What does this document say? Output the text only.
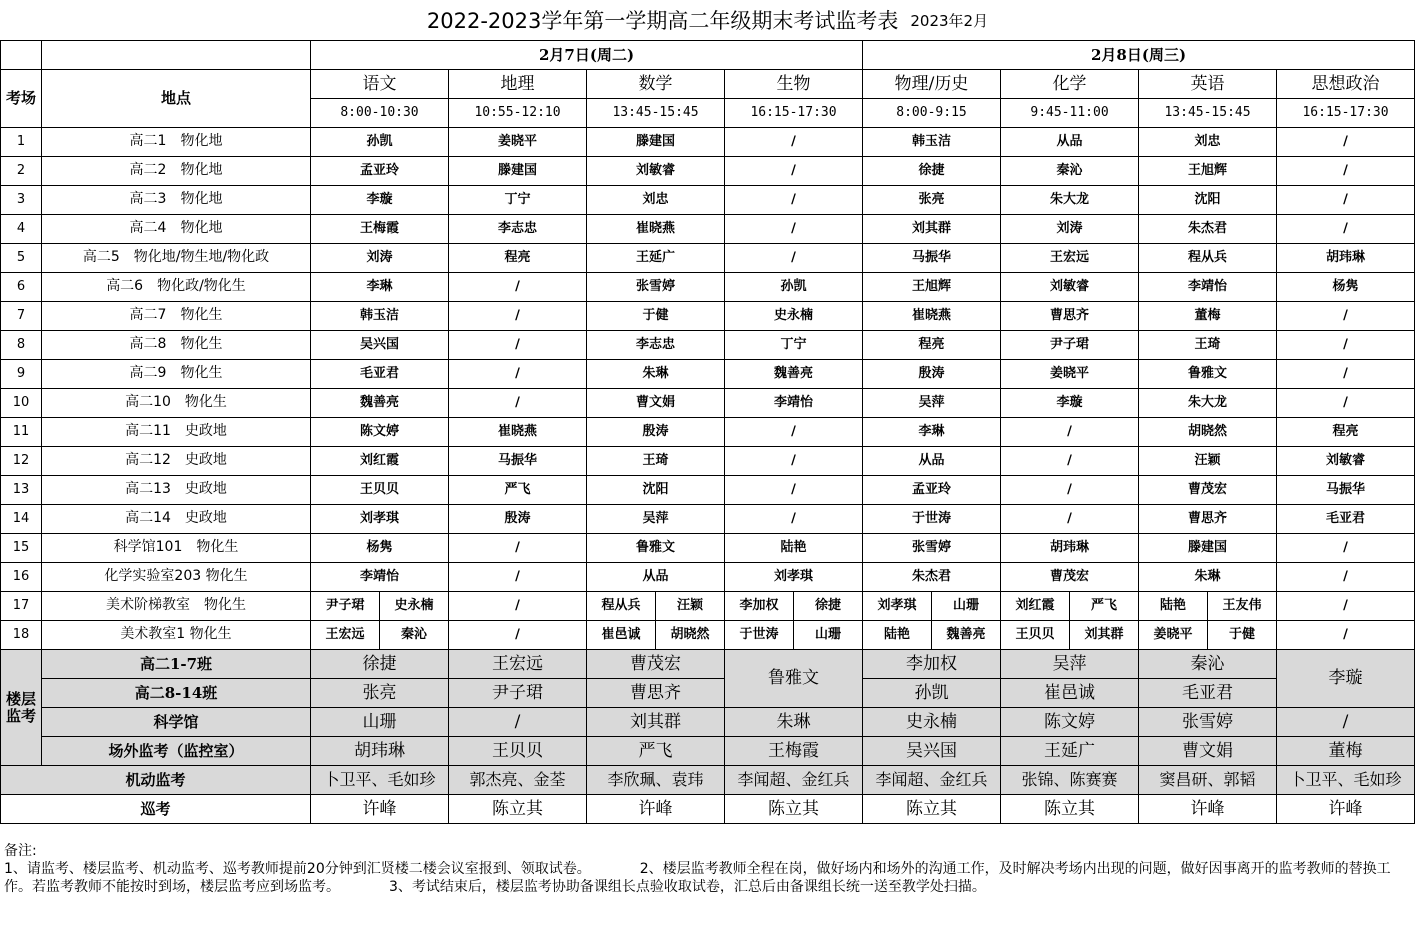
2022-2023学年第一学期高二年级期末考试监考表 2023年2月
		2月7日(周二)				2月8日(周三)			
考场	地点	语文	地理	数学	生物	物理/历史	化学	英语	思想政治
		8:00-10:30	10:55-12:10	13:45-15:45	16:15-17:30	8:00-9:15	9:45-11:00	13:45-15:45	16:15-17:30
1	高二1　物化地	孙凯	姜晓平	滕建国	/	韩玉洁	从品	刘忠	/
2	高二2　物化地	孟亚玲	滕建国	刘敏睿	/	徐捷	秦沁	王旭辉	/
3	高二3　物化地	李璇	丁宁	刘忠	/	张亮	朱大龙	沈阳	/
4	高二4　物化地	王梅霞	李志忠	崔晓燕	/	刘其群	刘涛	朱杰君	/
5	高二5　物化地/物生地/物化政	刘涛	程亮	王延广	/	马振华	王宏远	程从兵	胡玮琳
6	高二6　物化政/物化生	李琳	/	张雪婷	孙凯	王旭辉	刘敏睿	李靖怡	杨隽
7	高二7　物化生	韩玉洁	/	于健	史永楠	崔晓燕	曹思齐	董梅	/
8	高二8　物化生	吴兴国	/	李志忠	丁宁	程亮	尹子珺	王琦	/
9	高二9　物化生	毛亚君	/	朱琳	魏善亮	殷涛	姜晓平	鲁雅文	/
10	高二10　物化生	魏善亮	/	曹文娟	李靖怡	吴萍	李璇	朱大龙	/
11	高二11　史政地	陈文婷	崔晓燕	殷涛	/	李琳	/	胡晓然	程亮
12	高二12　史政地	刘红霞	马振华	王琦	/	从品	/	汪颖	刘敏睿
13	高二13　史政地	王贝贝	严飞	沈阳	/	孟亚玲	/	曹茂宏	马振华
14	高二14　史政地	刘孝琪	殷涛	吴萍	/	于世涛	/	曹思齐	毛亚君
15	科学馆101　物化生	杨隽	/	鲁雅文	陆艳	张雪婷	胡玮琳	滕建国	/
16	化学实验室203 物化生	李靖怡	/	从品	刘孝琪	朱杰君	曹茂宏	朱琳	/
17	美术阶梯教室　物化生	尹子珺 史永楠	/	程从兵 汪颖	李加权 徐捷	刘孝琪 山珊	刘红霞 严飞	陆艳 王友伟	/
18	美术教室1 物化生	王宏远 秦沁	/	崔邑诚 胡晓然	于世涛 山珊	陆艳 魏善亮	王贝贝 刘其群	姜晓平 于健	/
楼层监考	高二1-7班	徐捷	王宏远	曹茂宏	鲁雅文	李加权	吴萍	秦沁	李璇
	高二8-14班	张亮	尹子珺	曹思齐		孙凯	崔邑诚	毛亚君	
	科学馆	山珊	/	刘其群	朱琳	史永楠	陈文婷	张雪婷	/
	场外监考（监控室）	胡玮琳	王贝贝	严飞	王梅霞	吴兴国	王延广	曹文娟	董梅
机动监考		卜卫平、毛如珍	郭杰亮、金荃	李欣珮、袁玮	李闻超、金红兵	李闻超、金红兵	张锦、陈赛赛	窦昌研、郭韬	卜卫平、毛如珍
巡考		许峰	陈立其	许峰	陈立其	陈立其	陈立其	许峰	许峰
备注:
1、请监考、楼层监考、机动监考、巡考教师提前20分钟到汇贤楼二楼会议室报到、领取试卷。	2、楼层监考教师全程在岗，做好场内和场外的沟通工作，及时解决考场内出现的问题，做好因事离开的监考教师的替换工作。若监考教师不能按时到场，楼层监考应到场监考。	3、考试结束后，楼层监考协助备课组长点验收取试卷，汇总后由备课组长统一送至教学处扫描。
